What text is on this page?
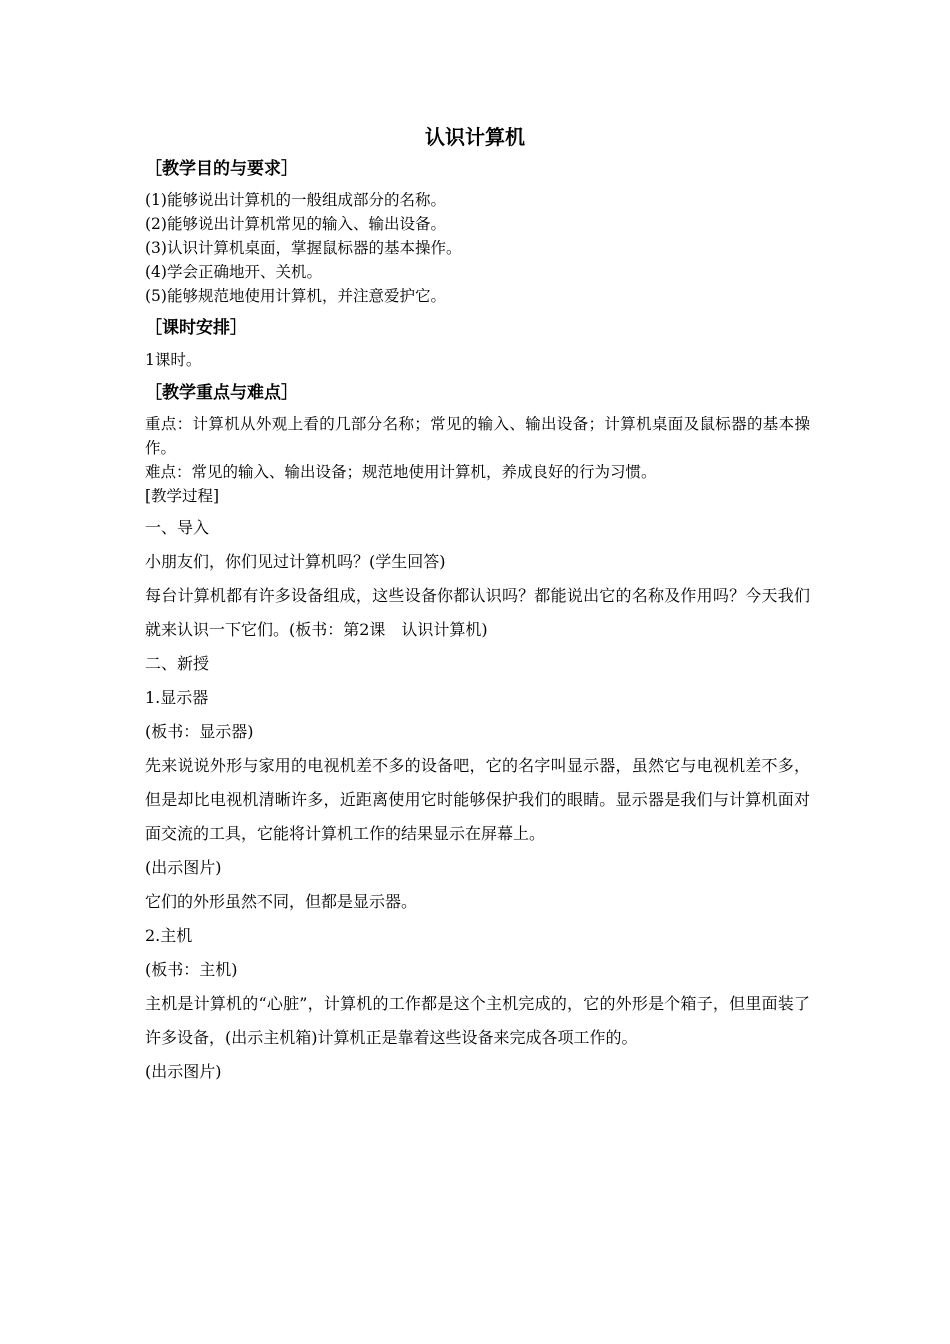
认识计算机
［教学目的与要求］
(1)能够说出计算机的一般组成部分的名称。
(2)能够说出计算机常见的输入、输出设备。
(3)认识计算机桌面，掌握鼠标器的基本操作。
(4)学会正确地开、关机。
(5)能够规范地使用计算机，并注意爱护它。
［课时安排］
1课时。
［教学重点与难点］
重点：计算机从外观上看的几部分名称；常见的输入、输出设备；计算机桌面及鼠标器的基本操作。
难点：常见的输入、输出设备；规范地使用计算机，养成良好的行为习惯。
[教学过程]
一、导入
小朋友们，你们见过计算机吗？(学生回答)
每台计算机都有许多设备组成，这些设备你都认识吗？都能说出它的名称及作用吗？今天我们就来认识一下它们。(板书：第2课　认识计算机)
二、新授
1.显示器
(板书：显示器)
先来说说外形与家用的电视机差不多的设备吧，它的名字叫显示器，虽然它与电视机差不多，但是却比电视机清晰许多，近距离使用它时能够保护我们的眼睛。显示器是我们与计算机面对面交流的工具，它能将计算机工作的结果显示在屏幕上。
(出示图片)
它们的外形虽然不同，但都是显示器。
2.主机
(板书：主机)
主机是计算机的“心脏”，计算机的工作都是这个主机完成的，它的外形是个箱子，但里面装了许多设备，(出示主机箱)计算机正是靠着这些设备来完成各项工作的。
(出示图片)
